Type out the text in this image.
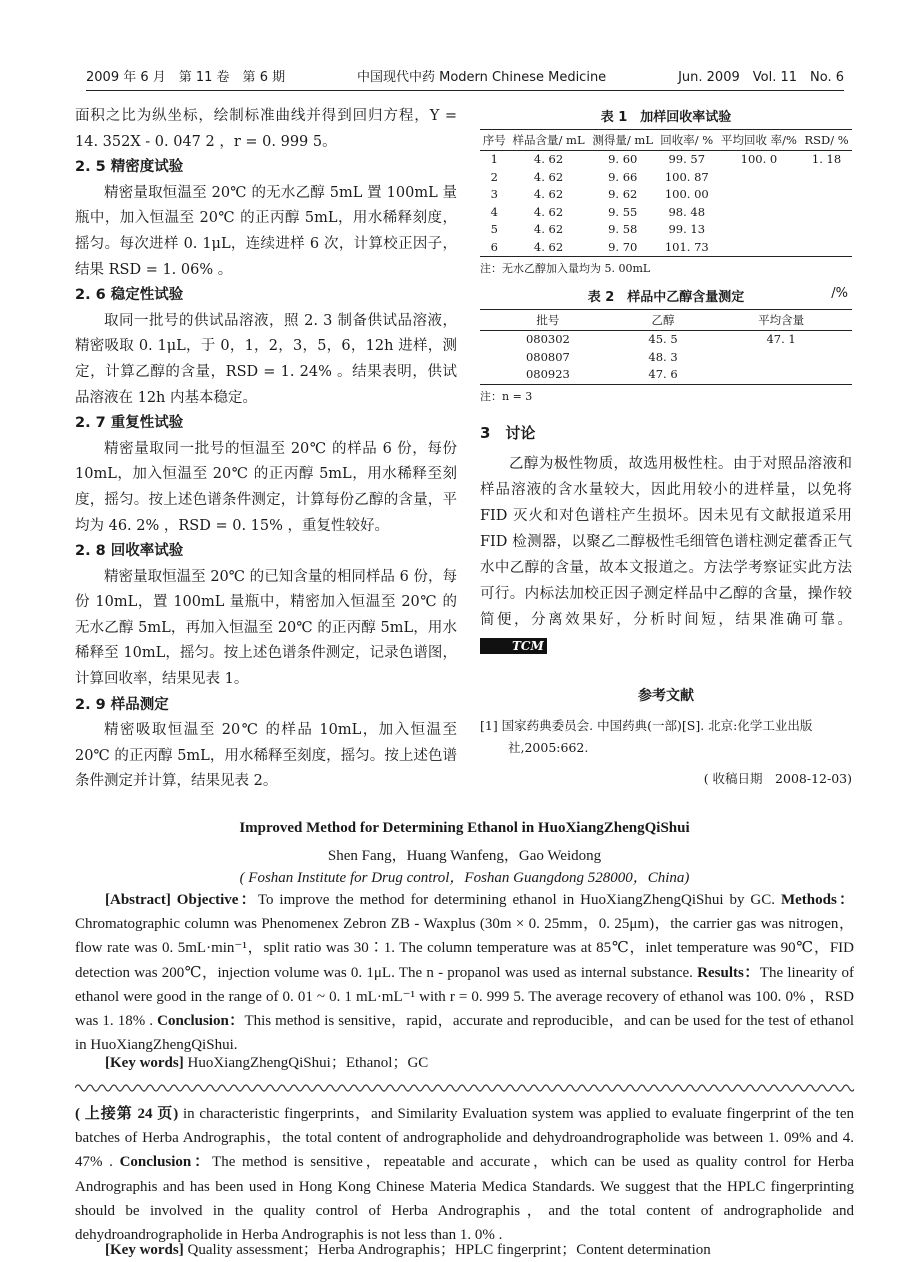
2009 年 6 月　第 11 卷　第 6 期	中国现代中药 Modern Chinese Medicine	Jun. 2009　Vol. 11　No. 6

面积之比为纵坐标，绘制标准曲线并得到回归方程，Y = 14. 352X - 0. 047 2 ，r = 0. 999 5。

2. 5 精密度试验

精密量取恒温至 20℃ 的无水乙醇 5mL 置 100mL 量瓶中，加入恒温至 20℃ 的正丙醇 5mL，用水稀释刻度，摇匀。每次进样 0. 1μL，连续进样 6 次，计算校正因子，结果 RSD = 1. 06% 。

2. 6 稳定性试验

取同一批号的供试品溶液，照 2. 3 制备供试品溶液，精密吸取 0. 1μL，于 0，1，2，3，5，6，12h 进样，测定，计算乙醇的含量，RSD = 1. 24% 。结果表明，供试品溶液在 12h 内基本稳定。

2. 7 重复性试验

精密量取同一批号的恒温至 20℃ 的样品 6 份，每份 10mL，加入恒温至 20℃ 的正丙醇 5mL，用水稀释至刻度，摇匀。按上述色谱条件测定，计算每份乙醇的含量，平均为 46. 2% ，RSD = 0. 15% ，重复性较好。

2. 8 回收率试验

精密量取恒温至 20℃ 的已知含量的相同样品 6 份，每份 10mL，置 100mL 量瓶中，精密加入恒温至 20℃ 的无水乙醇 5mL，再加入恒温至 20℃ 的正丙醇 5mL，用水稀释至 10mL，摇匀。按上述色谱条件测定，记录色谱图，计算回收率，结果见表 1。

2. 9 样品测定

精密吸取恒温至 20℃ 的样品 10mL，加入恒温至 20℃ 的正丙醇 5mL，用水稀释至刻度，摇匀。按上述色谱条件测定并计算，结果见表 2。

表 1　加样回收率试验
序号	样品含量/ mL	测得量/ mL	回收率/ %	平均回收 率/%	RSD/ %
1	4. 62	9. 60	99. 57	100. 0	1. 18
2	4. 62	9. 66	100. 87		
3	4. 62	9. 62	100. 00		
4	4. 62	9. 55	98. 48		
5	4. 62	9. 58	99. 13		
6	4. 62	9. 70	101. 73		
注：无水乙醇加入量均为 5. 00mL
表 2　样品中乙醇含量测定	/%
批号	乙醇	平均含量
080302	45. 5	47. 1
080807	48. 3	
080923	47. 6	
注：n = 3
3　讨论

乙醇为极性物质，故选用极性柱。由于对照品溶液和样品溶液的含水量较大，因此用较小的进样量，以免将 FID 灭火和对色谱柱产生损坏。因未见有文献报道采用 FID 检测器，以聚乙二醇极性毛细管色谱柱测定藿香正气水中乙醇的含量，故本文报道之。方法学考察证实此方法可行。内标法加校正因子测定样品中乙醇的含量，操作较简便，分离效果好，分析时间短，结果准确可靠。 TCM

参考文献
[1] 国家药典委员会. 中国药典(一部)[S]. 北京:化学工业出版社,2005:662.
( 收稿日期　2008-12-03)
Improved Method for Determining Ethanol in HuoXiangZhengQiShui
Shen Fang，Huang Wanfeng，Gao Weidong
( Foshan Institute for Drug control，Foshan Guangdong 528000，China)
[Abstract] Objective：To improve the method for determining ethanol in HuoXiangZhengQiShui by GC. Methods：Chromatographic column was Phenomenex Zebron ZB - Waxplus (30m × 0. 25mm，0. 25μm)，the carrier gas was nitrogen，flow rate was 0. 5mL·min⁻¹，split ratio was 30∶1. The column temperature was at 85℃，inlet temperature was 90℃，FID detection was 200℃，injection volume was 0. 1μL. The n - propanol was used as internal substance. Results：The linearity of ethanol were good in the range of 0. 01 ~ 0. 1 mL·mL⁻¹ with r = 0. 999 5. The average recovery of ethanol was 100. 0% ，RSD was 1. 18% . Conclusion：This method is sensitive，rapid，accurate and reproducible，and can be used for the test of ethanol in HuoXiangZhengQiShui.
[Key words] HuoXiangZhengQiShui；Ethanol；GC
( 上接第 24 页) in characteristic fingerprints，and Similarity Evaluation system was applied to evaluate fingerprint of the ten batches of Herba Andrographis，the total content of andrographolide and dehydroandrographolide was between 1. 09% and 4. 47% . Conclusion：The method is sensitive，repeatable and accurate，which can be used as quality control for Herba Andrographis and has been used in Hong Kong Chinese Materia Medica Standards. We suggest that the HPLC fingerprinting should be involved in the quality control of Herba Andrographis，and the total content of andrographolide and dehydroandrographolide in Herba Andrographis is not less than 1. 0% .
[Key words] Quality assessment；Herba Andrographis；HPLC fingerprint；Content determination
